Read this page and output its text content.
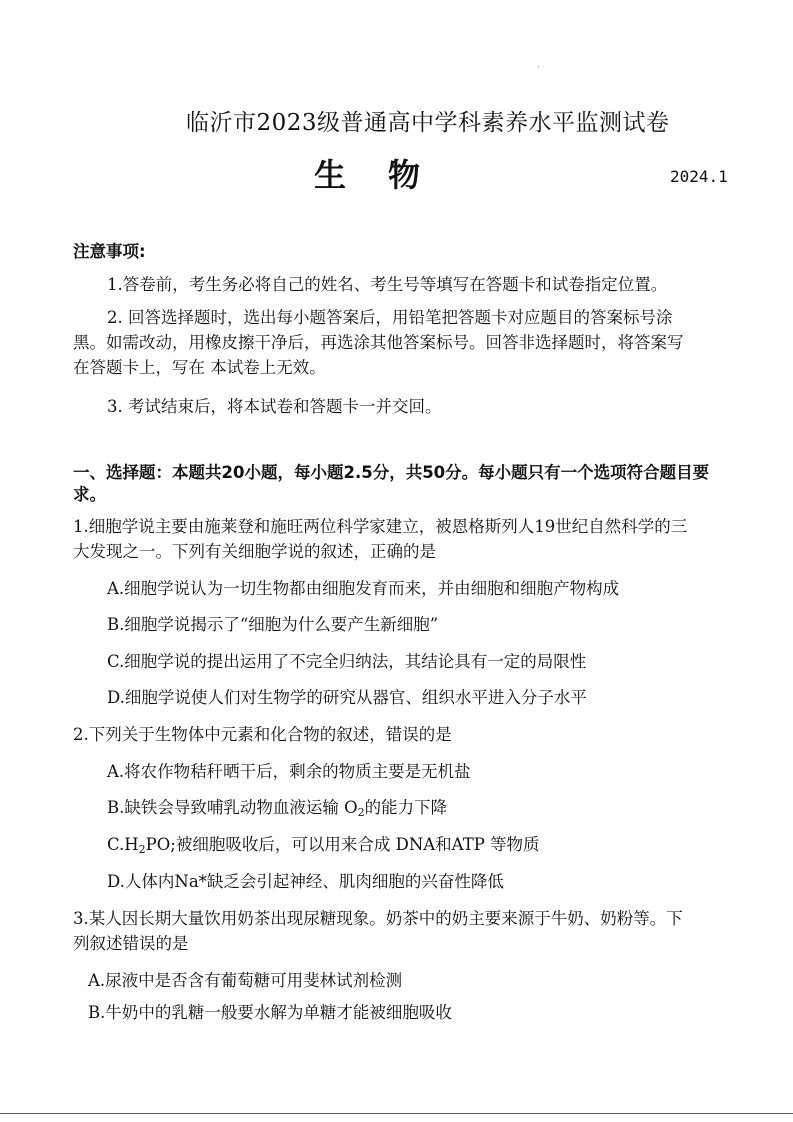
临沂市2023级普通高中学科素养水平监测试卷
生 物	2024.1
注意事项:
1.答卷前，考生务必将自己的姓名、考生号等填写在答题卡和试卷指定位置。
2. 回答选择题时，选出每小题答案后，用铅笔把答题卡对应题目的答案标号涂
黑。如需改动，用橡皮擦干净后，再选涂其他答案标号。回答非选择题时，将答案写
在答题卡上，写在 本试卷上无效。
3. 考试结束后，将本试卷和答题卡一并交回。
一、选择题：本题共20小题，每小题2.5分，共50分。每小题只有一个选项符合题目要
求。
1.细胞学说主要由施莱登和施旺两位科学家建立，被恩格斯列人19世纪自然科学的三
大发现之一。下列有关细胞学说的叙述，正确的是
A.细胞学说认为一切生物都由细胞发育而来，并由细胞和细胞产物构成
B.细胞学说揭示了“细胞为什么要产生新细胞”
C.细胞学说的提出运用了不完全归纳法，其结论具有一定的局限性
D.细胞学说使人们对生物学的研究从器官、组织水平进入分子水平
2.下列关于生物体中元素和化合物的叙述，错误的是
A.将农作物秸秆晒干后，剩余的物质主要是无机盐
B.缺铁会导致哺乳动物血液运输 $O_2$的能力下降
$C.H_2PO$;被细胞吸收后，可以用来合成 DNA和ATP 等物质
D.人体内Na*缺乏会引起神经、肌肉细胞的兴奋性降低
3.某人因长期大量饮用奶茶出现尿糖现象。奶茶中的奶主要来源于牛奶、奶粉等。下
列叙述错误的是
A.尿液中是否含有葡萄糖可用斐林试剂检测
B.牛奶中的乳糖一般要水解为单糖才能被细胞吸收
